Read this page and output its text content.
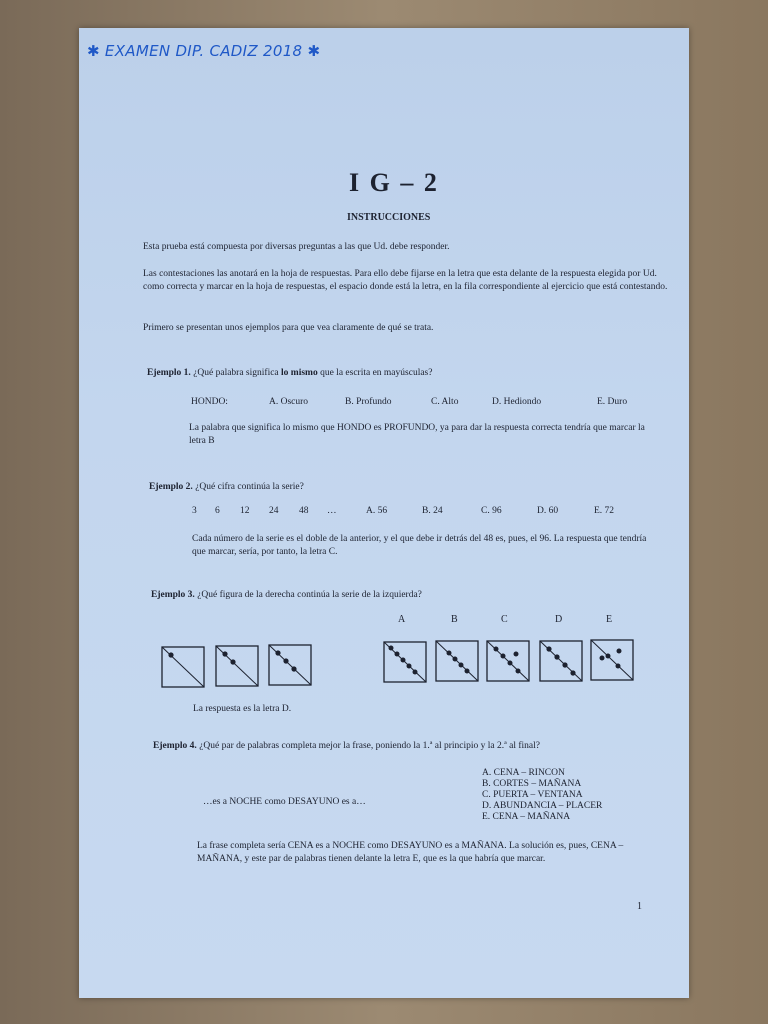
✱ EXAMEN DIP. CADIZ 2018 ✱
I G – 2
INSTRUCCIONES
Esta prueba está compuesta por diversas preguntas a las que Ud. debe responder.
Las contestaciones las anotará en la hoja de respuestas. Para ello debe fijarse en la letra que esta delante de la respuesta elegida por Ud. como correcta y marcar en la hoja de respuestas, el espacio donde está la letra, en la fila correspondiente al ejercicio que está contestando.
Primero se presentan unos ejemplos para que vea claramente de qué se trata.
Ejemplo 1. ¿Qué palabra significa lo mismo que la escrita en mayúsculas?
HONDO:	A. Oscuro	B. Profundo	C. Alto	D. Hediondo	E. Duro
La palabra que significa lo mismo que HONDO es PROFUNDO, ya para dar la respuesta correcta tendría que marcar la letra B
Ejemplo 2. ¿Qué cifra continúa la serie?
3 6 12 24 48 …	A. 56	B. 24	C. 96	D. 60	E. 72
Cada número de la serie es el doble de la anterior, y el que debe ir detrás del 48 es, pues, el 96. La respuesta que tendría que marcar, sería, por tanto, la letra C.
Ejemplo 3. ¿Qué figura de la derecha continúa la serie de la izquierda?
A	B	C	D	E
La respuesta es la letra D.
Ejemplo 4. ¿Qué par de palabras completa mejor la frase, poniendo la 1.ª al principio y la 2.ª al final?
A. CENA – RINCON
B. CORTES – MAÑANA
C. PUERTA – VENTANA
D. ABUNDANCIA – PLACER
E. CENA – MAÑANA
…es a NOCHE como DESAYUNO es a…
La frase completa sería CENA es a NOCHE como DESAYUNO es a MAÑANA. La solución es, pues, CENA – MAÑANA, y este par de palabras tienen delante la letra E, que es la que habría que marcar.
1
